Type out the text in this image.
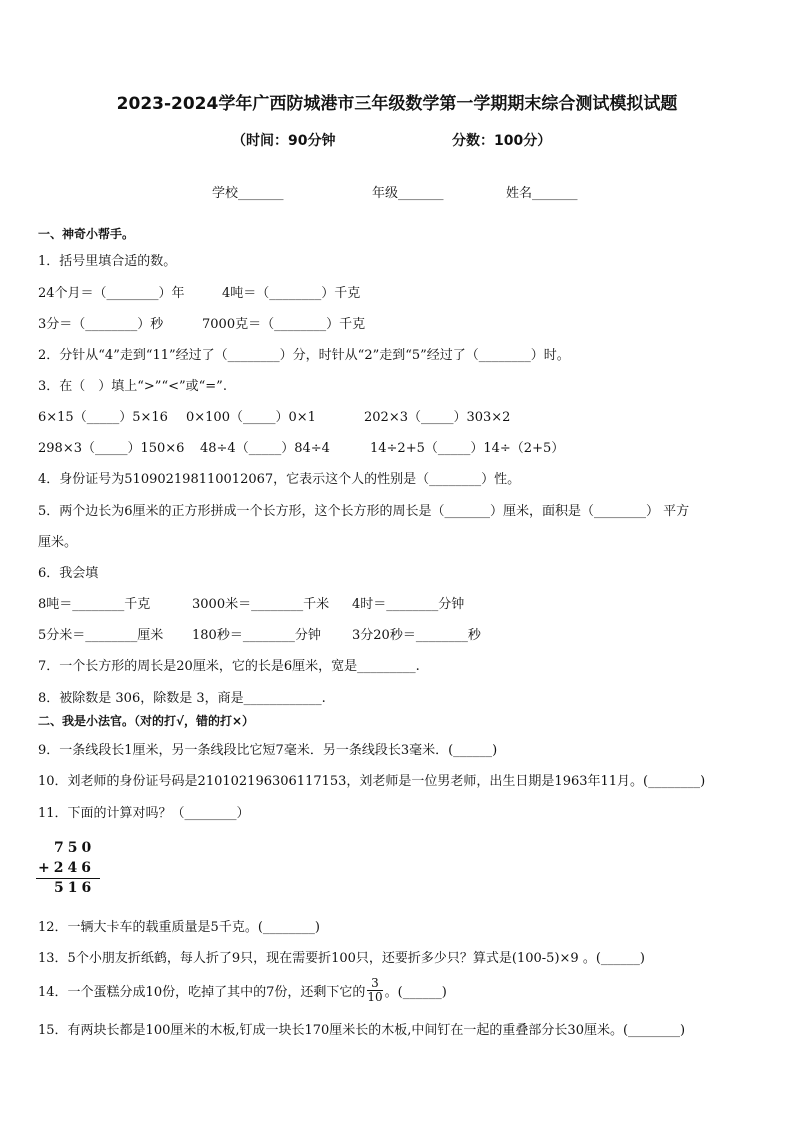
2023-2024学年广西防城港市三年级数学第一学期期末综合测试模拟试题
（时间：90分钟	分数：100分）
学校_______	年级_______	姓名_______
一、神奇小帮手。
1．括号里填合适的数。
24个月＝（________）年	4吨＝（________）千克
3分＝（________）秒	7000克＝（________）千克
2．分针从“4”走到“11”经过了（________）分，时针从“2”走到“5”经过了（________）时。
3．在（　）填上“>”“<”或“=”.
6×15（_____）5×16 0×100（_____）0×1	202×3（_____）303×2
298×3（_____）150×6 48÷4（_____）84÷4	14÷2+5（_____）14÷（2+5）
4．身份证号为510902198110012067，它表示这个人的性别是（________）性。
5．两个边长为6厘米的正方形拼成一个长方形，这个长方形的周长是（_______）厘米，面积是（________） 平方
厘米。
6．我会填
8吨＝________千克	3000米＝________千米 4时＝________分钟
5分米＝________厘米 180秒＝________分钟 3分20秒＝________秒
7．一个长方形的周长是20厘米，它的长是6厘米，宽是_________.
8．被除数是 306，除数是 3，商是____________.
二、我是小法官。（对的打√，错的打×）
9．一条线段长1厘米，另一条线段比它短7毫米．另一条线段长3毫米．(______)
10．刘老师的身份证号码是210102196306117153，刘老师是一位男老师，出生日期是1963年11月。(________)
11．下面的计算对吗？（________）
750
+246
516
12．一辆大卡车的载重质量是5千克。(________)
13．5个小朋友折纸鹤，每人折了9只，现在需要折100只，还要折多少只？算式是(100-5)×9 。(______)
14．一个蛋糕分成10份，吃掉了其中的7份，还剩下它的 $\frac{3}{10}$ 。(______)
15．有两块长都是100厘米的木板,钉成一块长170厘米长的木板,中间钉在一起的重叠部分长30厘米。(________)
